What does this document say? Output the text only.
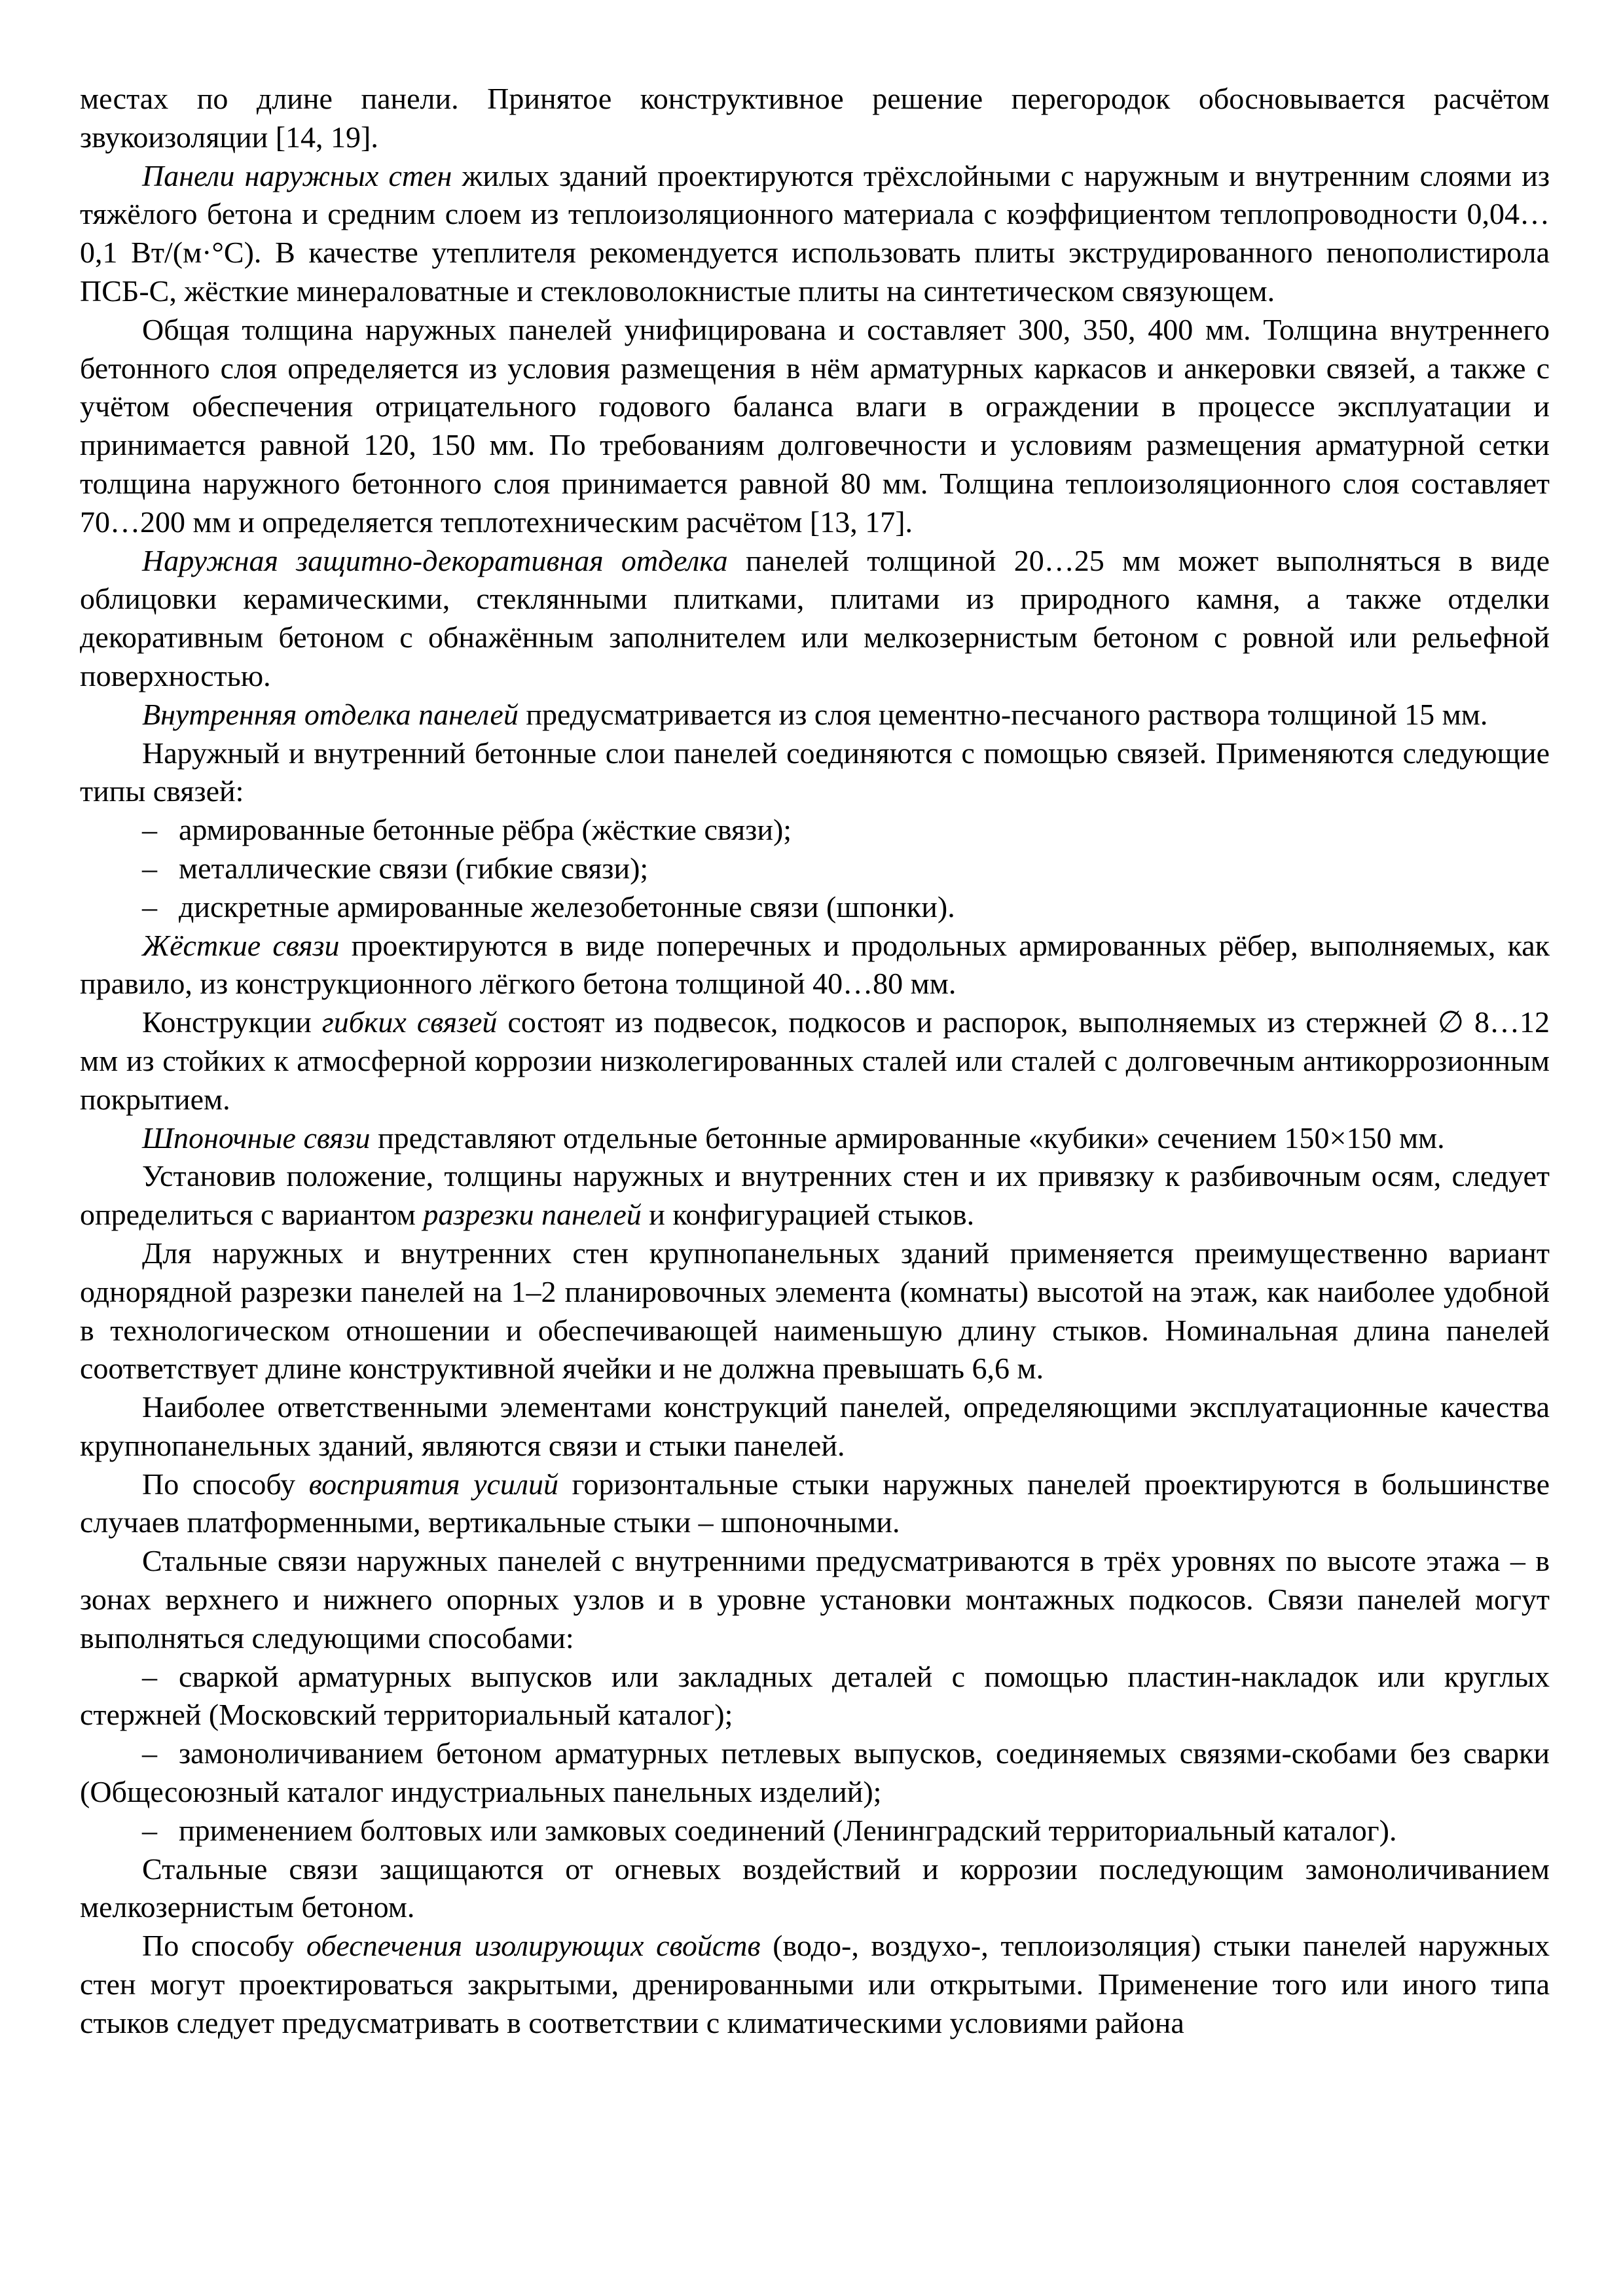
местах по длине панели. Принятое конструктивное решение перегородок обосновывается расчётом звукоизоляции [14, 19].

Панели наружных стен жилых зданий проектируются трёхслойными с наружным и внутренним слоями из тяжёлого бетона и средним слоем из теплоизоляционного материала с коэффициентом теплопроводности 0,04…0,1 Вт/(м·°С). В качестве утеплителя рекомендуется использовать плиты экструдированного пенополистирола ПСБ-С, жёсткие минераловатные и стекловолокнистые плиты на синтетическом связующем.

Общая толщина наружных панелей унифицирована и составляет 300, 350, 400 мм. Толщина внутреннего бетонного слоя определяется из условия размещения в нём арматурных каркасов и анкеровки связей, а также с учётом обеспечения отрицательного годового баланса влаги в ограждении в процессе эксплуатации и принимается равной 120, 150 мм. По требованиям долговечности и условиям размещения арматурной сетки толщина наружного бетонного слоя принимается равной 80 мм. Толщина теплоизоляционного слоя составляет 70…200 мм и определяется теплотехническим расчётом [13, 17].

Наружная защитно-декоративная отделка панелей толщиной 20…25 мм может выполняться в виде облицовки керамическими, стеклянными плитками, плитами из природного камня, а также отделки декоративным бетоном с обнажённым заполнителем или мелкозернистым бетоном с ровной или рельефной поверхностью.

Внутренняя отделка панелей предусматривается из слоя цементно-песчаного раствора толщиной 15 мм.

Наружный и внутренний бетонные слои панелей соединяются с помощью связей. Применяются следующие типы связей:

– армированные бетонные рёбра (жёсткие связи);

– металлические связи (гибкие связи);

– дискретные армированные железобетонные связи (шпонки).

Жёсткие связи проектируются в виде поперечных и продольных армированных рёбер, выполняемых, как правило, из конструкционного лёгкого бетона толщиной 40…80 мм.

Конструкции гибких связей состоят из подвесок, подкосов и распорок, выполняемых из стержней ∅ 8…12 мм из стойких к атмосферной коррозии низколегированных сталей или сталей с долговечным антикоррозионным покрытием.

Шпоночные связи представляют отдельные бетонные армированные «кубики» сечением 150×150 мм.

Установив положение, толщины наружных и внутренних стен и их привязку к разбивочным осям, следует определиться с вариантом разрезки панелей и конфигурацией стыков.

Для наружных и внутренних стен крупнопанельных зданий применяется преимущественно вариант однорядной разрезки панелей на 1–2 планировочных элемента (комнаты) высотой на этаж, как наиболее удобной в технологическом отношении и обеспечивающей наименьшую длину стыков. Номинальная длина панелей соответствует длине конструктивной ячейки и не должна превышать 6,6 м.

Наиболее ответственными элементами конструкций панелей, определяющими эксплуатационные качества крупнопанельных зданий, являются связи и стыки панелей.

По способу восприятия усилий горизонтальные стыки наружных панелей проектируются в большинстве случаев платформенными, вертикальные стыки – шпоночными.

Стальные связи наружных панелей с внутренними предусматриваются в трёх уровнях по высоте этажа – в зонах верхнего и нижнего опорных узлов и в уровне установки монтажных подкосов. Связи панелей могут выполняться следующими способами:

– сваркой арматурных выпусков или закладных деталей с помощью пластин-накладок или круглых стержней (Московский территориальный каталог);

– замоноличиванием бетоном арматурных петлевых выпусков, соединяемых связями-скобами без сварки (Общесоюзный каталог индустриальных панельных изделий);

– применением болтовых или замковых соединений (Ленинградский территориальный каталог).

Стальные связи защищаются от огневых воздействий и коррозии последующим замоноличиванием мелкозернистым бетоном.

По способу обеспечения изолирующих свойств (водо-, воздухо-, теплоизоляция) стыки панелей наружных стен могут проектироваться закрытыми, дренированными или открытыми. Применение того или иного типа стыков следует предусматривать в соответствии с климатическими условиями района
